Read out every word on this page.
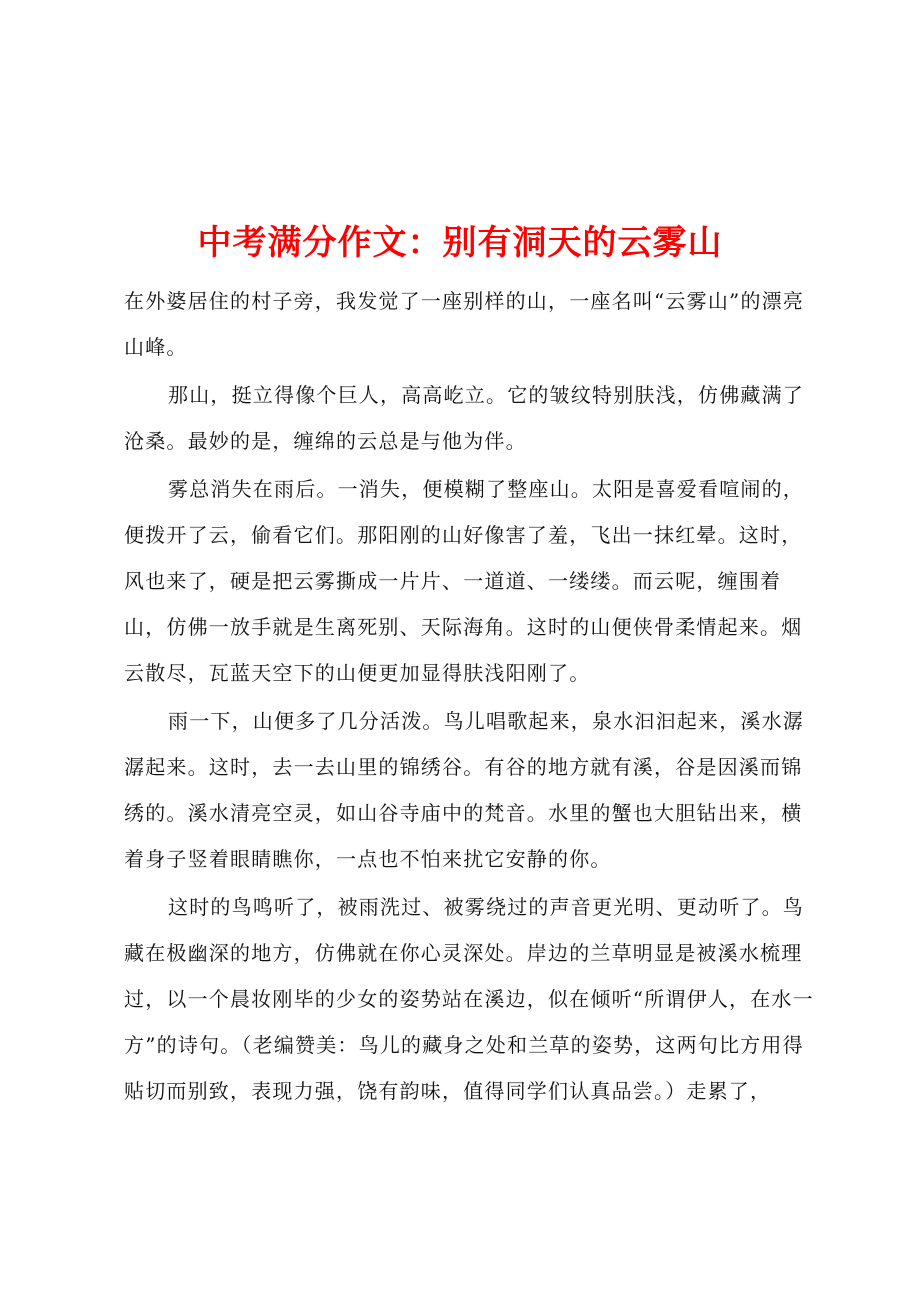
中考满分作文：别有洞天的云雾山

在外婆居住的村子旁，我发觉了一座别样的山，一座名叫“云雾山”的漂亮山峰。

那山，挺立得像个巨人，高高屹立。它的皱纹特别肤浅，仿佛藏满了沧桑。最妙的是，缠绵的云总是与他为伴。

雾总消失在雨后。一消失，便模糊了整座山。太阳是喜爱看喧闹的，便拨开了云，偷看它们。那阳刚的山好像害了羞，飞出一抹红晕。这时，风也来了，硬是把云雾撕成一片片、一道道、一缕缕。而云呢，缠围着山，仿佛一放手就是生离死别、天际海角。这时的山便侠骨柔情起来。烟云散尽，瓦蓝天空下的山便更加显得肤浅阳刚了。

雨一下，山便多了几分活泼。鸟儿唱歌起来，泉水汩汩起来，溪水潺潺起来。这时，去一去山里的锦绣谷。有谷的地方就有溪，谷是因溪而锦绣的。溪水清亮空灵，如山谷寺庙中的梵音。水里的蟹也大胆钻出来，横着身子竖着眼睛瞧你，一点也不怕来扰它安静的你。

这时的鸟鸣听了，被雨洗过、被雾绕过的声音更光明、更动听了。鸟藏在极幽深的地方，仿佛就在你心灵深处。岸边的兰草明显是被溪水梳理过，以一个晨妆刚毕的少女的姿势站在溪边，似在倾听“所谓伊人，在水一方”的诗句。（老编赞美：鸟儿的藏身之处和兰草的姿势，这两句比方用得贴切而别致，表现力强，饶有韵味，值得同学们认真品尝。）走累了，
